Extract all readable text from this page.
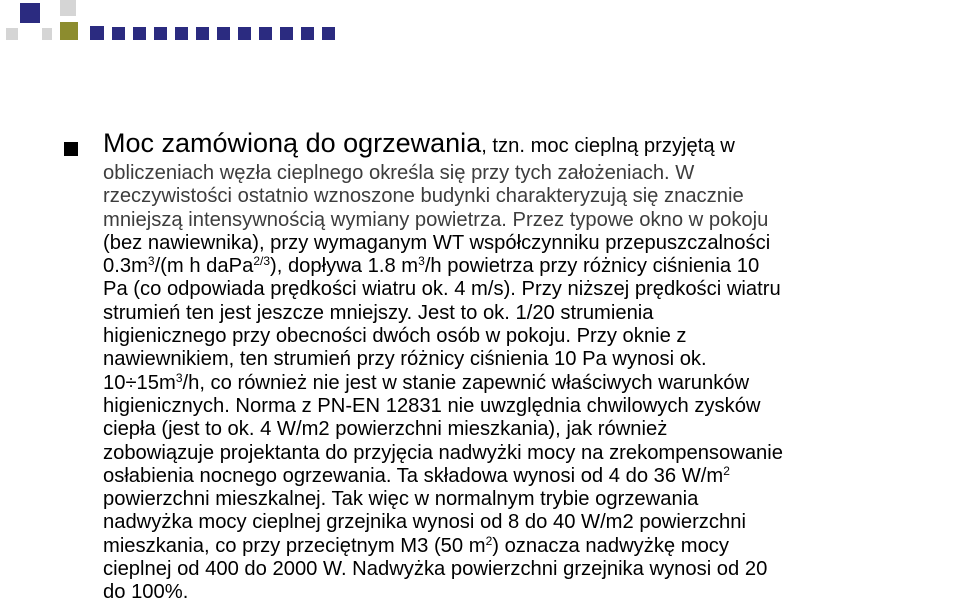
Moc zamówioną do ogrzewania, tzn. moc cieplną przyjętą w
obliczeniach węzła cieplnego określa się przy tych założeniach. W
rzeczywistości ostatnio wznoszone budynki charakteryzują się znacznie
mniejszą intensywnością wymiany powietrza. Przez typowe okno w pokoju
(bez nawiewnika), przy wymaganym WT współczynniku przepuszczalności
$0.3m^3/(m$ h daPa$^{2/3}$), dopływa 1.8 $m^3/h$ powietrza przy różnicy ciśnienia 10
Pa (co odpowiada prędkości wiatru ok. 4 m/s). Przy niższej prędkości wiatru
strumień ten jest jeszcze mniejszy. Jest to ok. 1/20 strumienia
higienicznego przy obecności dwóch osób w pokoju. Przy oknie z
nawiewnikiem, ten strumień przy różnicy ciśnienia 10 Pa wynosi ok.
$10\div 15m^3/h$, co również nie jest w stanie zapewnić właściwych warunków
higienicznych. Norma z PN-EN 12831 nie uwzględnia chwilowych zysków
ciepła (jest to ok. 4 W/m2 powierzchni mieszkania), jak również
zobowiązuje projektanta do przyjęcia nadwyżki mocy na zrekompensowanie
osłabienia nocnego ogrzewania. Ta składowa wynosi od 4 do 36 $W/m^2$
powierzchni mieszkalnej. Tak więc w normalnym trybie ogrzewania
nadwyżka mocy cieplnej grzejnika wynosi od 8 do 40 W/m2 powierzchni
mieszkania, co przy przeciętnym M3 (50 $m^2$) oznacza nadwyżkę mocy
cieplnej od 400 do 2000 W. Nadwyżka powierzchni grzejnika wynosi od 20
do 100%.
